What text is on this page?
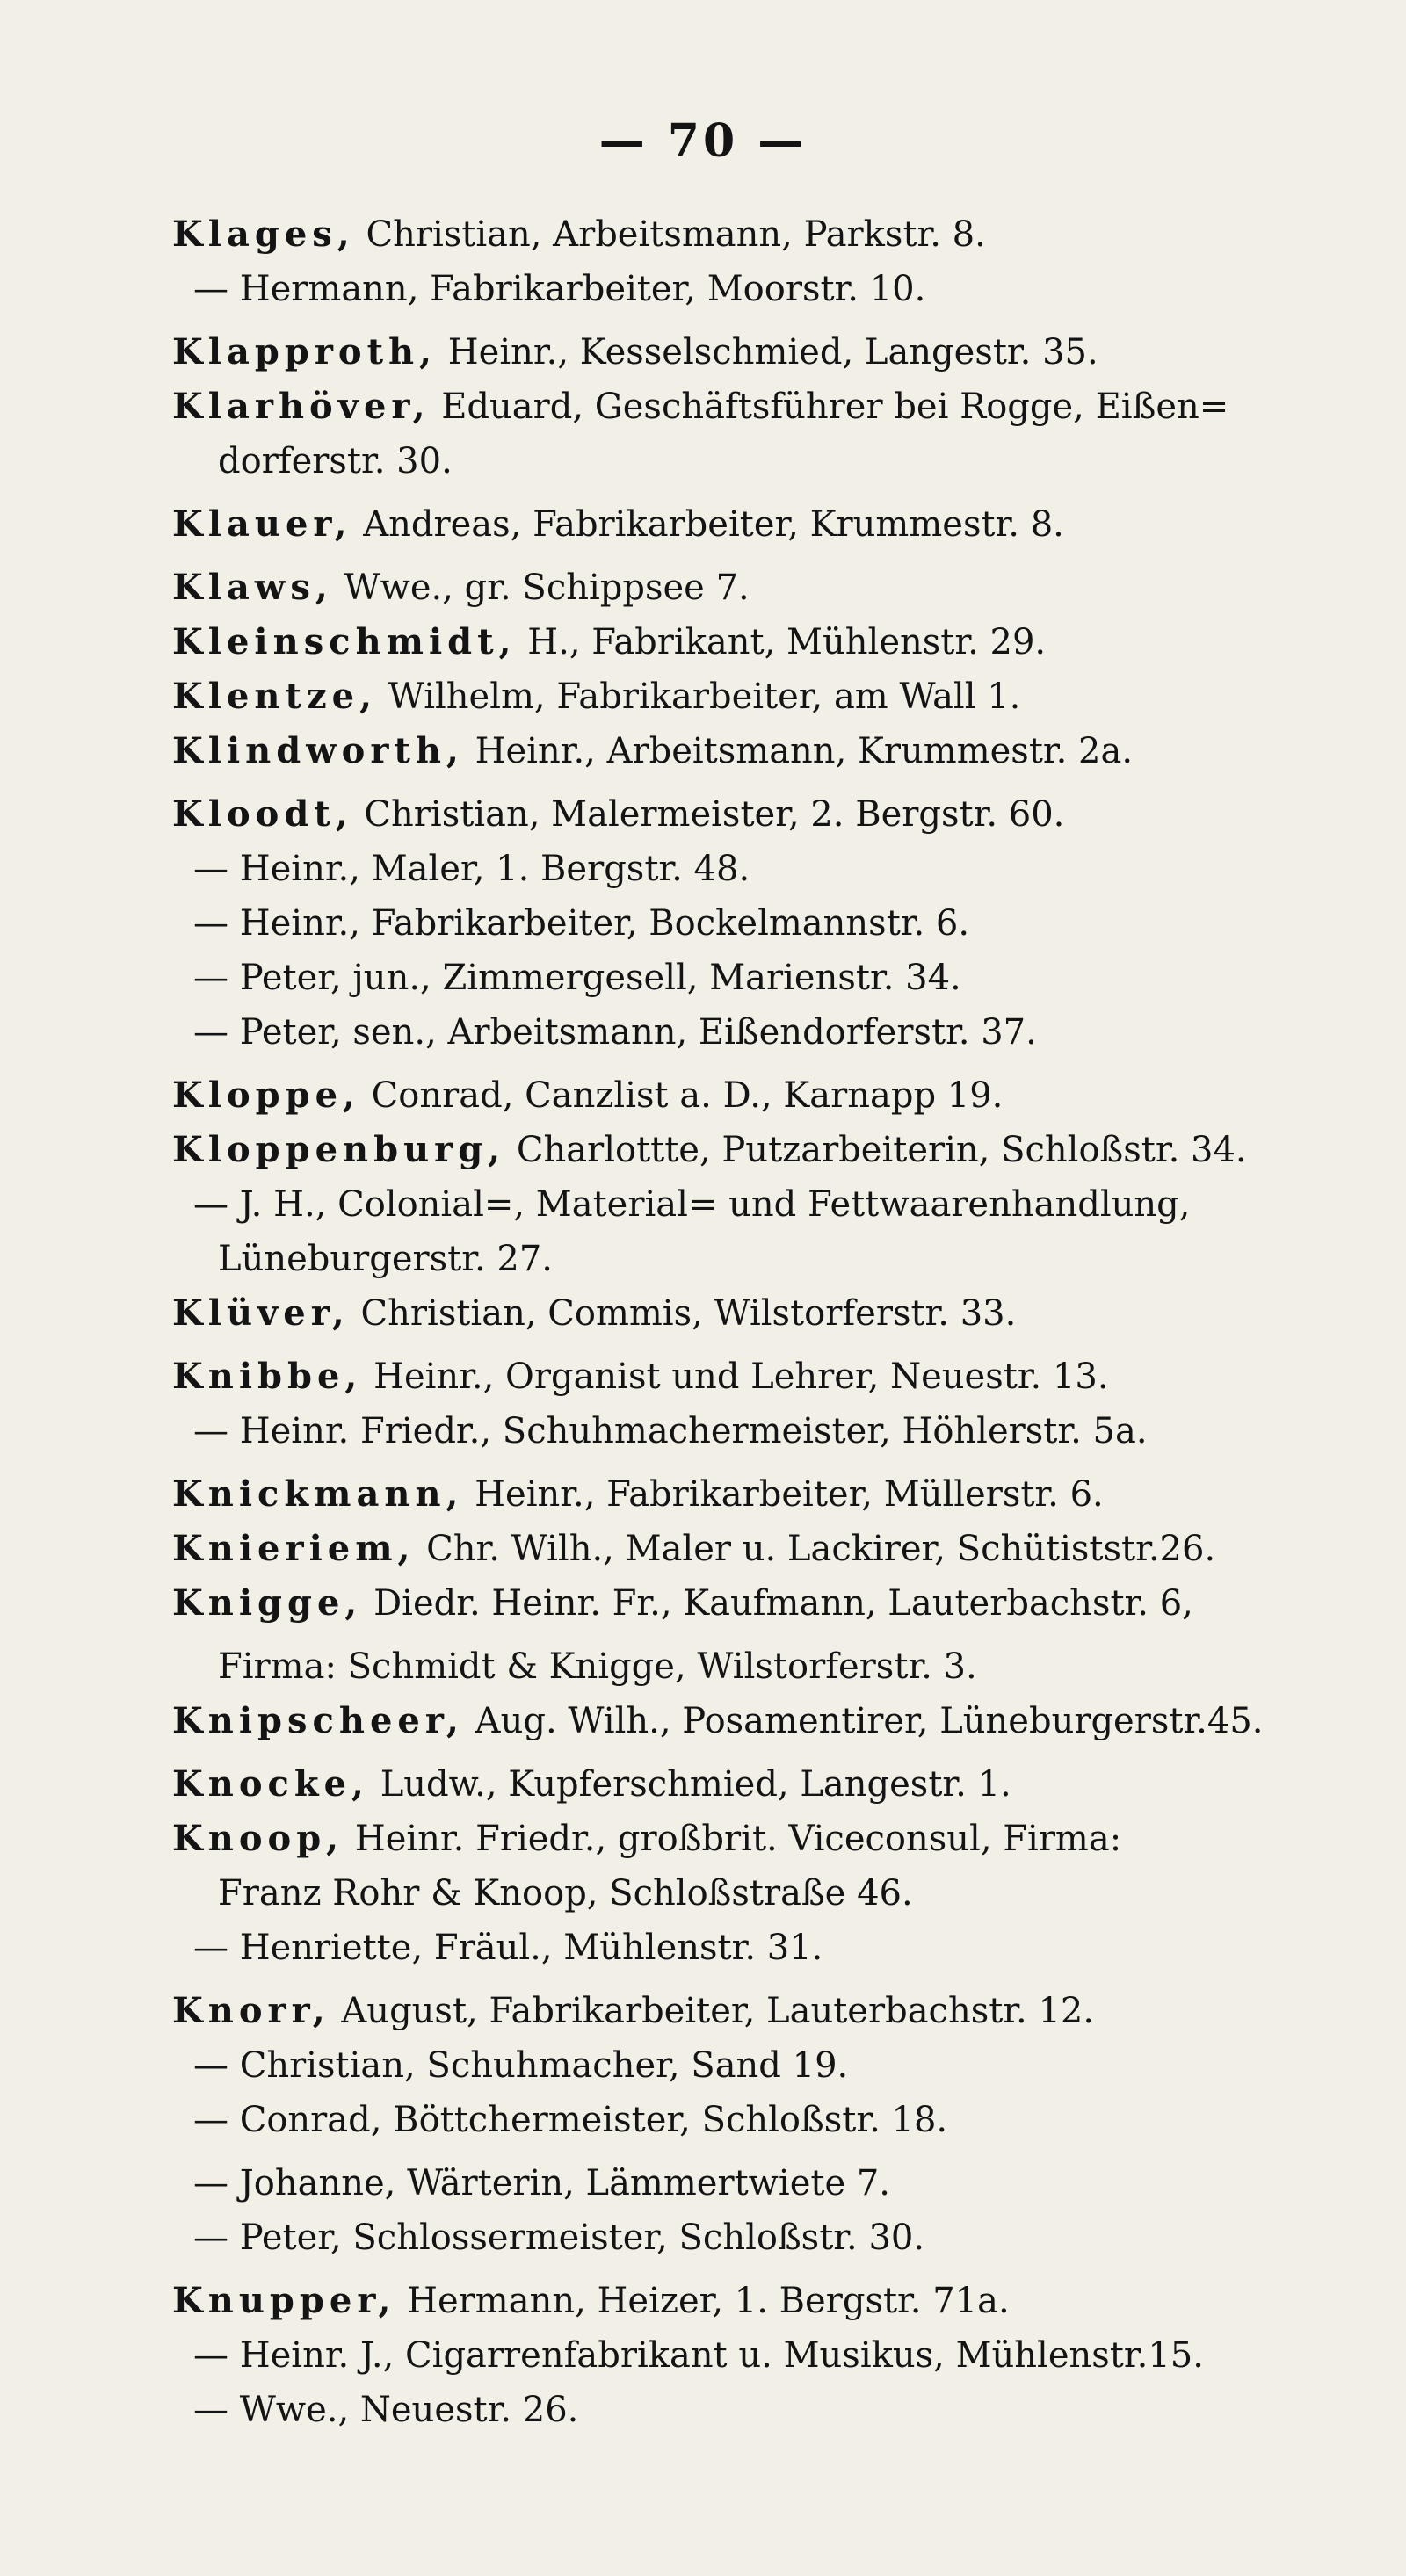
— 70 —
Klages, Christian, Arbeitsmann, Parkstr. 8.
— Hermann, Fabrikarbeiter, Moorstr. 10.
Klapproth, Heinr., Kesselschmied, Langestr. 35.
Klarhöver, Eduard, Geschäftsführer bei Rogge, Eißen=
dorferstr. 30.
Klauer, Andreas, Fabrikarbeiter, Krummestr. 8.
Klaws, Wwe., gr. Schippsee 7.
Kleinschmidt, H., Fabrikant, Mühlenstr. 29.
Klentze, Wilhelm, Fabrikarbeiter, am Wall 1.
Klindworth, Heinr., Arbeitsmann, Krummestr. 2a.
Kloodt, Christian, Malermeister, 2. Bergstr. 60.
— Heinr., Maler, 1. Bergstr. 48.
— Heinr., Fabrikarbeiter, Bockelmannstr. 6.
— Peter, jun., Zimmergesell, Marienstr. 34.
— Peter, sen., Arbeitsmann, Eißendorferstr. 37.
Kloppe, Conrad, Canzlist a. D., Karnapp 19.
Kloppenburg, Charlottte, Putzarbeiterin, Schloßstr. 34.
— J. H., Colonial=, Material= und Fettwaarenhandlung,
Lüneburgerstr. 27.
Klüver, Christian, Commis, Wilstorferstr. 33.
Knibbe, Heinr., Organist und Lehrer, Neuestr. 13.
— Heinr. Friedr., Schuhmachermeister, Höhlerstr. 5a.
Knickmann, Heinr., Fabrikarbeiter, Müllerstr. 6.
Knieriem, Chr. Wilh., Maler u. Lackirer, Schütiststr.26.
Knigge, Diedr. Heinr. Fr., Kaufmann, Lauterbachstr. 6,
Firma: Schmidt & Knigge, Wilstorferstr. 3.
Knipscheer, Aug. Wilh., Posamentirer, Lüneburgerstr.45.
Knocke, Ludw., Kupferschmied, Langestr. 1.
Knoop, Heinr. Friedr., großbrit. Viceconsul, Firma:
Franz Rohr & Knoop, Schloßstraße 46.
— Henriette, Fräul., Mühlenstr. 31.
Knorr, August, Fabrikarbeiter, Lauterbachstr. 12.
— Christian, Schuhmacher, Sand 19.
— Conrad, Böttchermeister, Schloßstr. 18.
— Johanne, Wärterin, Lämmertwiete 7.
— Peter, Schlossermeister, Schloßstr. 30.
Knupper, Hermann, Heizer, 1. Bergstr. 71a.
— Heinr. J., Cigarrenfabrikant u. Musikus, Mühlenstr.15.
— Wwe., Neuestr. 26.
